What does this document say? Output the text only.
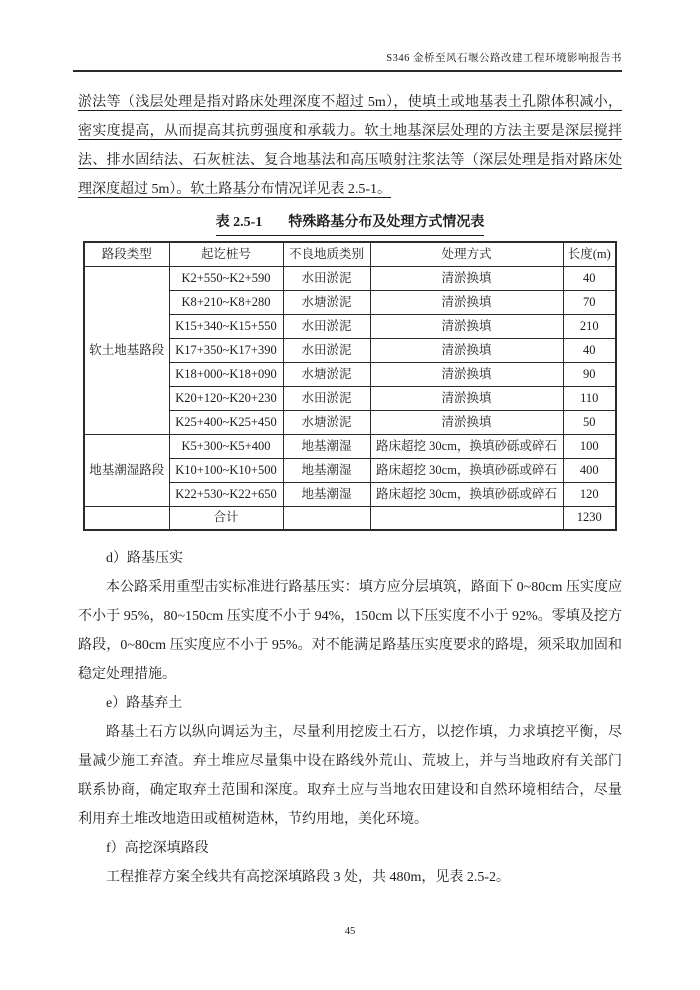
S346 金桥至风石堰公路改建工程环境影响报告书

淤法等（浅层处理是指对路床处理深度不超过 5m），使填土或地基表土孔隙体积减小，密实度提高，从而提高其抗剪强度和承载力。软土地基深层处理的方法主要是深层搅拌法、排水固结法、石灰桩法、复合地基法和高压喷射注浆法等（深层处理是指对路床处理深度超过 5m）。软土路基分布情况详见表 2.5-1。

表 2.5-1 特殊路基分布及处理方式情况表
路段类型	起讫桩号	不良地质类别	处理方式	长度(m)
软土地基路段	K2+550~K2+590	水田淤泥	清淤换填	40
	K8+210~K8+280	水塘淤泥	清淤换填	70
	K15+340~K15+550	水田淤泥	清淤换填	210
	K17+350~K17+390	水田淤泥	清淤换填	40
	K18+000~K18+090	水塘淤泥	清淤换填	90
	K20+120~K20+230	水田淤泥	清淤换填	110
	K25+400~K25+450	水塘淤泥	清淤换填	50
地基潮湿路段	K5+300~K5+400	地基潮湿	路床超挖 30cm，换填砂砾或碎石	100
	K10+100~K10+500	地基潮湿	路床超挖 30cm，换填砂砾或碎石	400
	K22+530~K22+650	地基潮湿	路床超挖 30cm，换填砂砾或碎石	120
	合计			1230

d）路基压实

本公路采用重型击实标准进行路基压实：填方应分层填筑，路面下 0~80cm 压实度应不小于 95%，80~150cm 压实度不小于 94%，150cm 以下压实度不小于 92%。零填及挖方路段，0~80cm 压实度应不小于 95%。对不能满足路基压实度要求的路堤，须采取加固和稳定处理措施。

e）路基弃土

路基土石方以纵向调运为主，尽量利用挖废土石方，以挖作填，力求填挖平衡，尽量减少施工弃渣。弃土堆应尽量集中设在路线外荒山、荒坡上，并与当地政府有关部门联系协商，确定取弃土范围和深度。取弃土应与当地农田建设和自然环境相结合，尽量利用弃土堆改地造田或植树造林，节约用地，美化环境。

f）高挖深填路段

工程推荐方案全线共有高挖深填路段 3 处，共 480m，见表 2.5-2。

45
